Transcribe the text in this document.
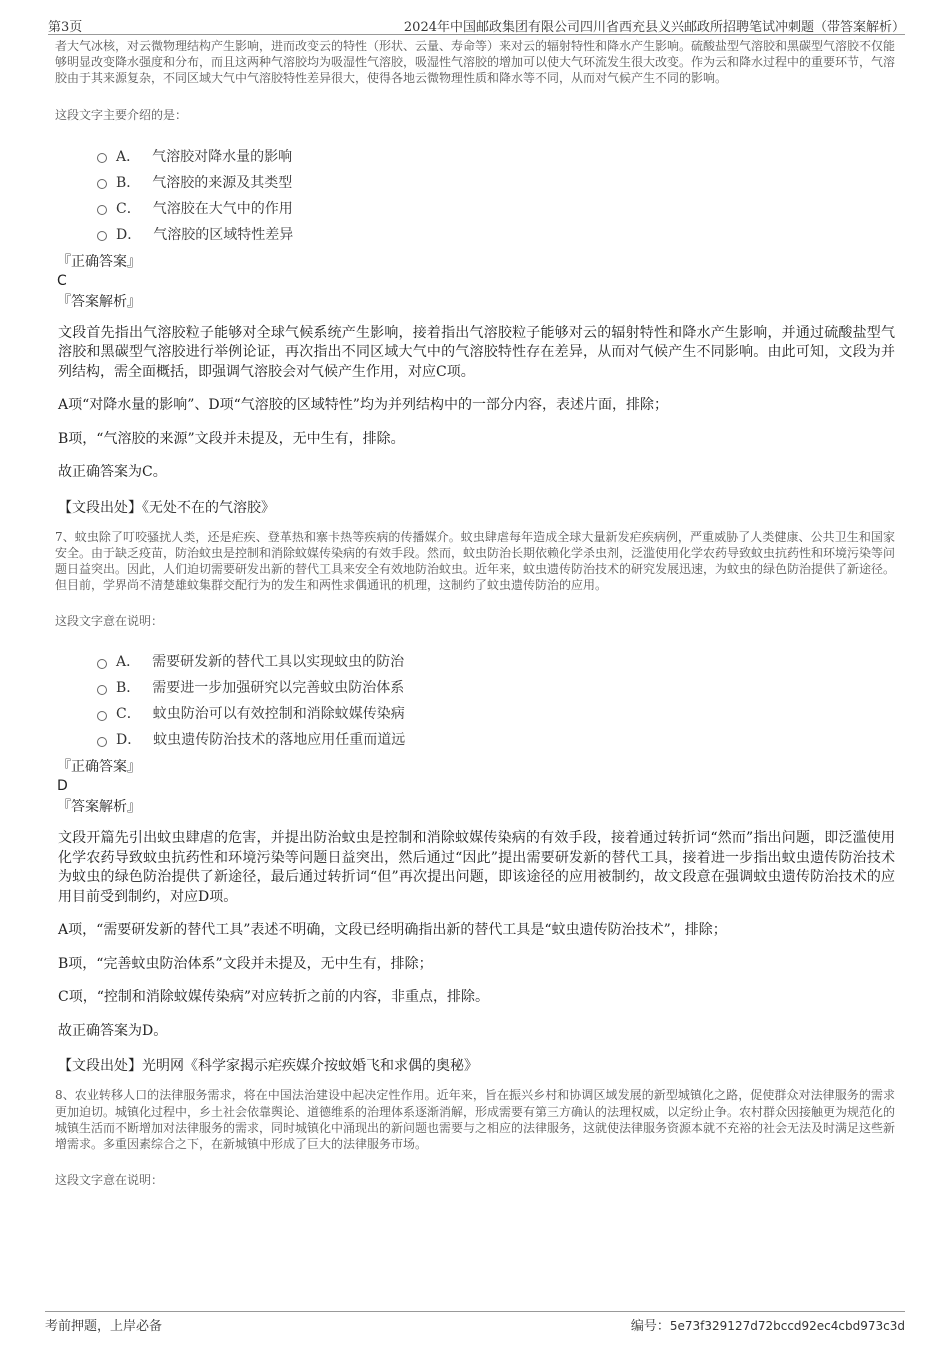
第3页	2024年中国邮政集团有限公司四川省西充县义兴邮政所招聘笔试冲刺题（带答案解析）

者大气冰核，对云微物理结构产生影响，进而改变云的特性（形状、云量、寿命等）来对云的辐射特性和降水产生影响。硫酸盐型气溶胶和黑碳型气溶胶不仅能够明显改变降水强度和分布，而且这两种气溶胶均为吸湿性气溶胶，吸湿性气溶胶的增加可以使大气环流发生很大改变。作为云和降水过程中的重要环节，气溶胶由于其来源复杂，不同区域大气中气溶胶特性差异很大，使得各地云微物理性质和降水等不同，从而对气候产生不同的影响。

这段文字主要介绍的是：

A． 气溶胶对降水量的影响
B． 气溶胶的来源及其类型
C． 气溶胶在大气中的作用
D． 气溶胶的区域特性差异

『正确答案』

C

『答案解析』

文段首先指出气溶胶粒子能够对全球气候系统产生影响，接着指出气溶胶粒子能够对云的辐射特性和降水产生影响，并通过硫酸盐型气溶胶和黑碳型气溶胶进行举例论证，再次指出不同区域大气中的气溶胶特性存在差异，从而对气候产生不同影响。由此可知，文段为并列结构，需全面概括，即强调气溶胶会对气候产生作用，对应C项。

A项“对降水量的影响”、D项“气溶胶的区域特性”均为并列结构中的一部分内容，表述片面，排除；

B项，“气溶胶的来源”文段并未提及，无中生有，排除。

故正确答案为C。

【文段出处】《无处不在的气溶胶》

7、蚊虫除了叮咬骚扰人类，还是疟疾、登革热和寨卡热等疾病的传播媒介。蚊虫肆虐每年造成全球大量新发疟疾病例，严重威胁了人类健康、公共卫生和国家安全。由于缺乏疫苗，防治蚊虫是控制和消除蚊媒传染病的有效手段。然而，蚊虫防治长期依赖化学杀虫剂，泛滥使用化学农药导致蚊虫抗药性和环境污染等问题日益突出。因此，人们迫切需要研发出新的替代工具来安全有效地防治蚊虫。近年来，蚊虫遗传防治技术的研究发展迅速，为蚊虫的绿色防治提供了新途径。但目前，学界尚不清楚雄蚊集群交配行为的发生和两性求偶通讯的机理，这制约了蚊虫遗传防治的应用。

这段文字意在说明：

A． 需要研发新的替代工具以实现蚊虫的防治
B． 需要进一步加强研究以完善蚊虫防治体系
C． 蚊虫防治可以有效控制和消除蚊媒传染病
D． 蚊虫遗传防治技术的落地应用任重而道远

『正确答案』

D

『答案解析』

文段开篇先引出蚊虫肆虐的危害，并提出防治蚊虫是控制和消除蚊媒传染病的有效手段，接着通过转折词“然而”指出问题，即泛滥使用化学农药导致蚊虫抗药性和环境污染等问题日益突出，然后通过“因此”提出需要研发新的替代工具，接着进一步指出蚊虫遗传防治技术为蚊虫的绿色防治提供了新途径，最后通过转折词“但”再次提出问题，即该途径的应用被制约，故文段意在强调蚊虫遗传防治技术的应用目前受到制约，对应D项。

A项，“需要研发新的替代工具”表述不明确，文段已经明确指出新的替代工具是“蚊虫遗传防治技术”，排除；

B项，“完善蚊虫防治体系”文段并未提及，无中生有，排除；

C项，“控制和消除蚊媒传染病”对应转折之前的内容，非重点，排除。

故正确答案为D。

【文段出处】光明网《科学家揭示疟疾媒介按蚊婚飞和求偶的奥秘》

8、农业转移人口的法律服务需求，将在中国法治建设中起决定性作用。近年来，旨在振兴乡村和协调区域发展的新型城镇化之路，促使群众对法律服务的需求更加迫切。城镇化过程中，乡土社会依靠舆论、道德维系的治理体系逐渐消解，形成需要有第三方确认的法理权威，以定纷止争。农村群众因接触更为规范化的城镇生活而不断增加对法律服务的需求，同时城镇化中涌现出的新问题也需要与之相应的法律服务，这就使法律服务资源本就不充裕的社会无法及时满足这些新增需求。多重因素综合之下，在新城镇中形成了巨大的法律服务市场。

这段文字意在说明：

考前押题，上岸必备	编号：5e73f329127d72bccd92ec4cbd973c3d
